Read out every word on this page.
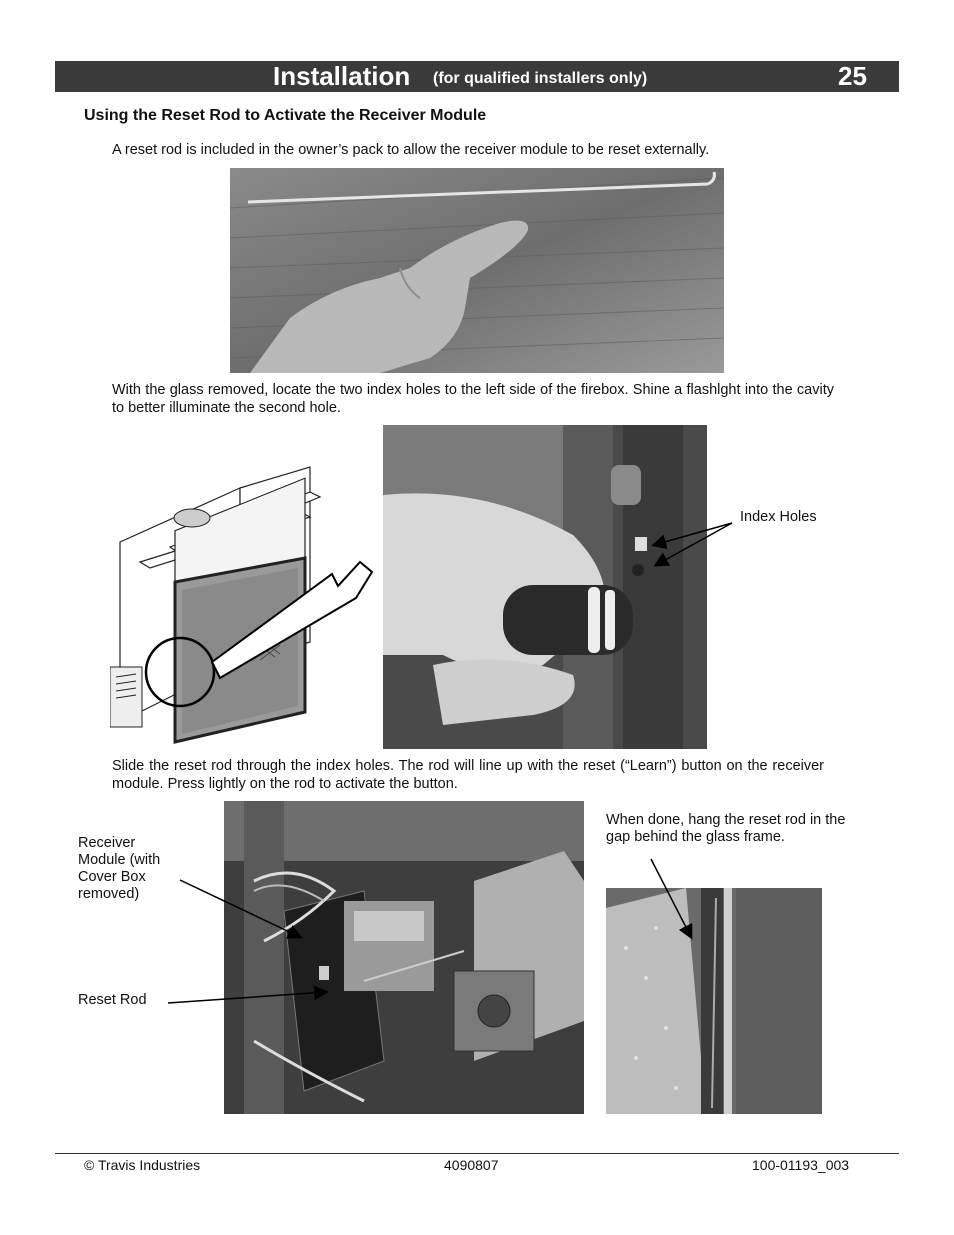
Installation (for qualified installers only)	25
Using the Reset Rod to Activate the Receiver Module
A reset rod is included in the owner’s pack to allow the receiver module to be reset externally.
With the glass removed, locate the two index holes to the left side of the firebox. Shine a flashlght into the cavity to better illuminate the second hole.
Index Holes
Slide the reset rod through the index holes. The rod will line up with the reset (“Learn”) button on the receiver module. Press lightly on the rod to activate the button.
Receiver Module (with Cover Box removed)
Reset Rod
When done, hang the reset rod in the gap behind the glass frame.
© Travis Industries	4090807	100-01193_003
